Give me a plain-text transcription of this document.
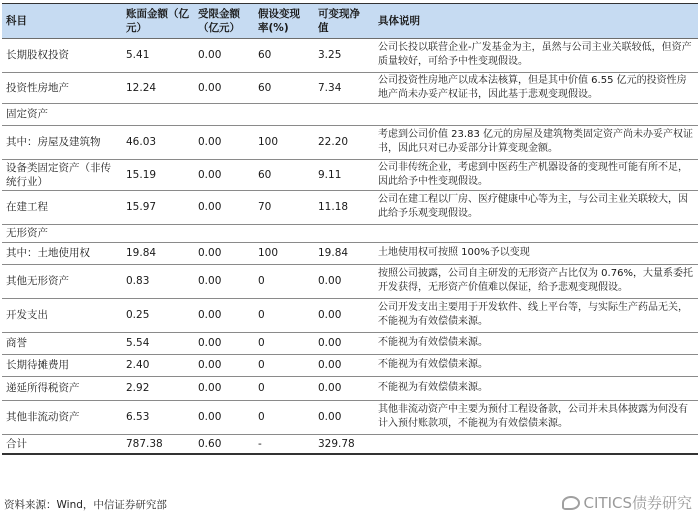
科目	账面金额（亿元）	受限金额（亿元）	假设变现率(%)	可变现净值	具体说明
长期股权投资	5.41	0.00	60	3.25	公司长投以联营企业-广发基金为主，虽然与公司主业关联较低，但资产质量较好，可给予中性变现假设。
投资性房地产	12.24	0.00	60	7.34	公司投资性房地产以成本法核算，但是其中价值 6.55 亿元的投资性房地产尚未办妥产权证书，因此基于悲观变现假设。
固定资产					
其中：房屋及建筑物	46.03	0.00	100	22.20	考虑到公司价值 23.83 亿元的房屋及建筑物类固定资产尚未办妥产权证书，因此只对已办妥部分计算变现金额。
设备类固定资产（非传统行业）	15.19	0.00	60	9.11	公司非传统企业，考虑到中医药生产机器设备的变现性可能有所不足，因此给予中性变现假设。
在建工程	15.97	0.00	70	11.18	公司在建工程以厂房、医疗健康中心等为主，与公司主业关联较大，因此给予乐观变现假设。
无形资产					
其中：土地使用权	19.84	0.00	100	19.84	土地使用权可按照 100%予以变现
其他无形资产	0.83	0.00	0	0.00	按照公司披露，公司自主研发的无形资产占比仅为 0.76%，大量系委托开发获得，无形资产价值难以保证，给予悲观变现假设。
开发支出	0.25	0.00	0	0.00	公司开发支出主要用于开发软件、线上平台等，与实际生产药品无关，不能视为有效偿债来源。
商誉	5.54	0.00	0	0.00	不能视为有效偿债来源。
长期待摊费用	2.40	0.00	0	0.00	不能视为有效偿债来源。
递延所得税资产	2.92	0.00	0	0.00	不能视为有效偿债来源。
其他非流动资产	6.53	0.00	0	0.00	其他非流动资产中主要为预付工程设备款，公司并未具体披露为何没有计入预付账款项，不能视为有效偿债来源。
合计	787.38	0.60	-	329.78	
资料来源：Wind，中信证券研究部	CITICS债券研究
